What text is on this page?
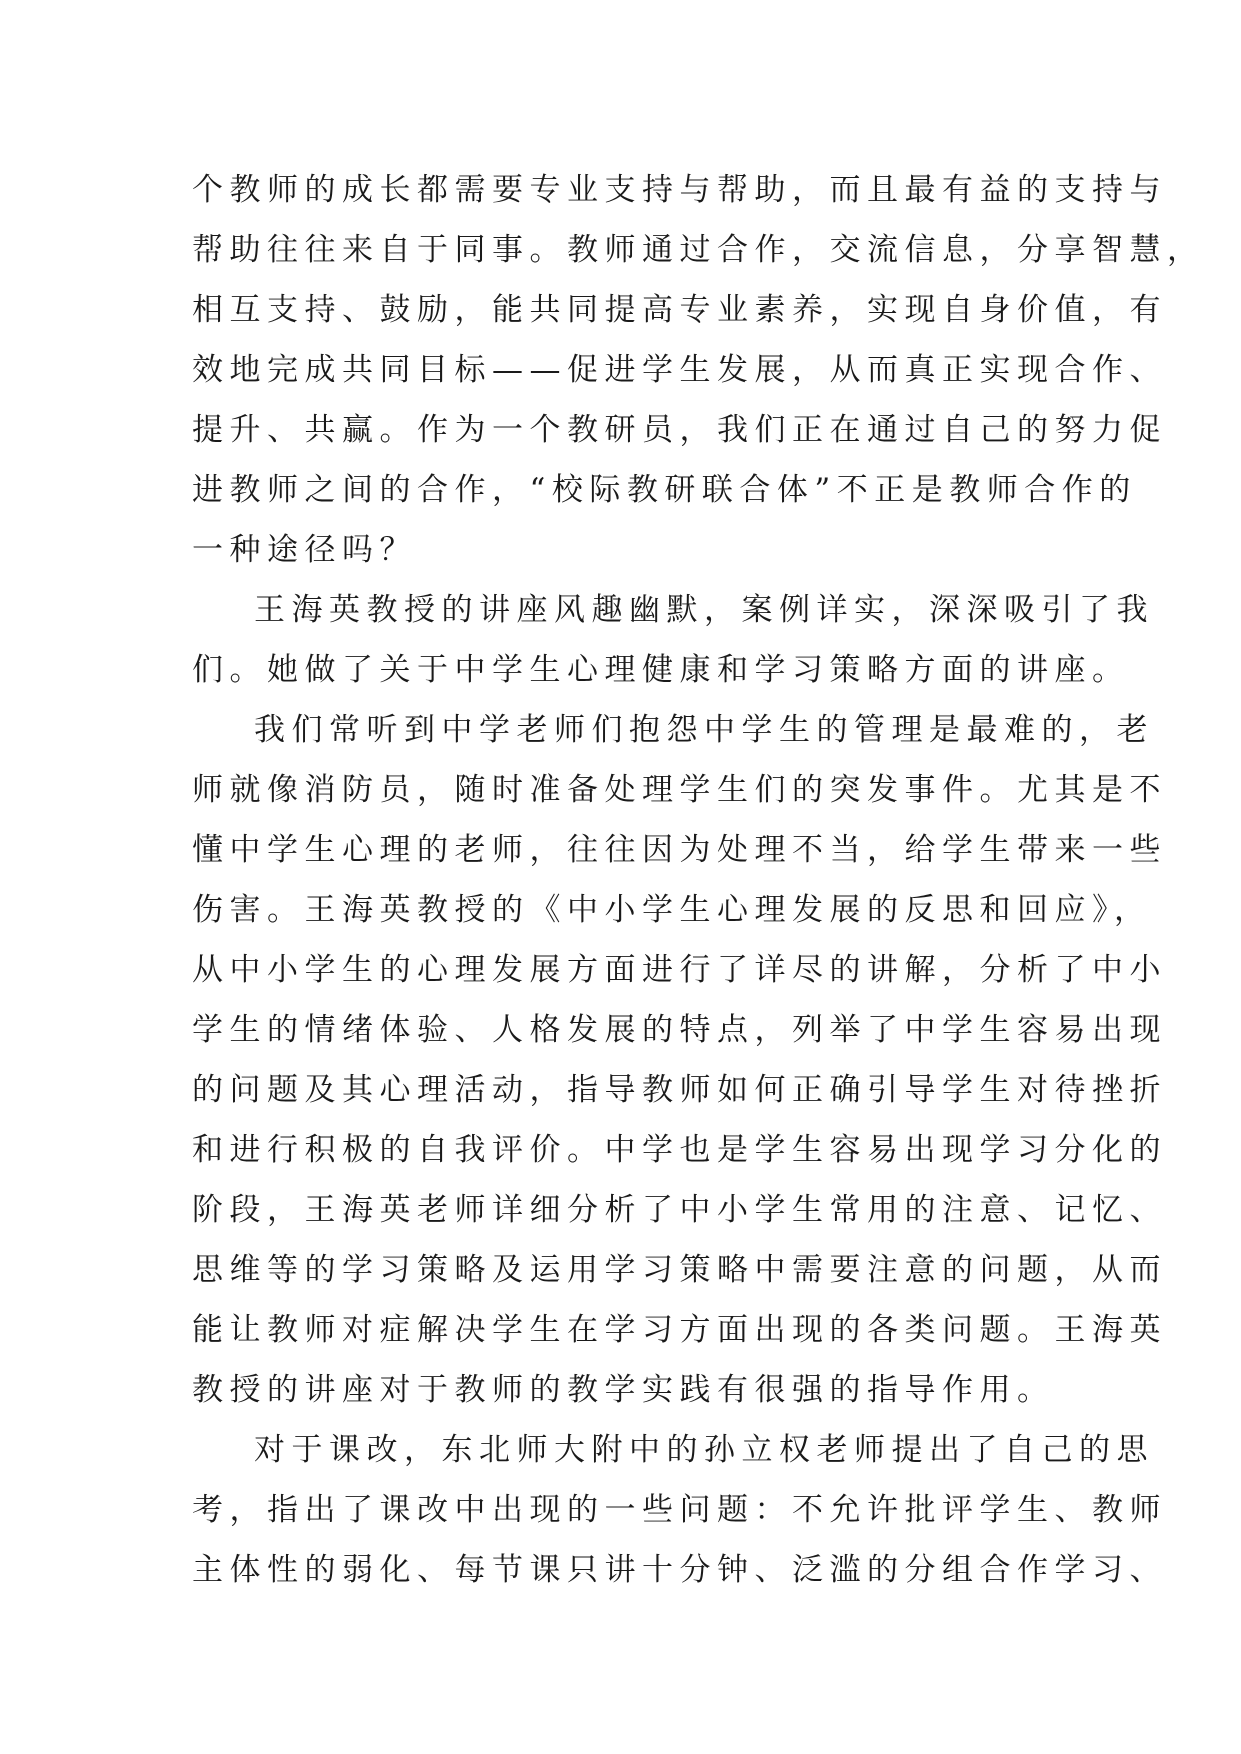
个教师的成长都需要专业支持与帮助，而且最有益的支持与
帮助往往来自于同事。教师通过合作，交流信息，分享智慧，
相互支持、鼓励，能共同提高专业素养，实现自身价值，有
效地完成共同目标——促进学生发展，从而真正实现合作、
提升、共赢。作为一个教研员，我们正在通过自己的努力促
进教师之间的合作，“校际教研联合体”不正是教师合作的
一种途径吗？
王海英教授的讲座风趣幽默，案例详实，深深吸引了我
们。她做了关于中学生心理健康和学习策略方面的讲座。
我们常听到中学老师们抱怨中学生的管理是最难的，老
师就像消防员，随时准备处理学生们的突发事件。尤其是不
懂中学生心理的老师，往往因为处理不当，给学生带来一些
伤害。王海英教授的《中小学生心理发展的反思和回应》，
从中小学生的心理发展方面进行了详尽的讲解，分析了中小
学生的情绪体验、人格发展的特点，列举了中学生容易出现
的问题及其心理活动，指导教师如何正确引导学生对待挫折
和进行积极的自我评价。中学也是学生容易出现学习分化的
阶段，王海英老师详细分析了中小学生常用的注意、记忆、
思维等的学习策略及运用学习策略中需要注意的问题，从而
能让教师对症解决学生在学习方面出现的各类问题。王海英
教授的讲座对于教师的教学实践有很强的指导作用。
对于课改，东北师大附中的孙立权老师提出了自己的思
考，指出了课改中出现的一些问题：不允许批评学生、教师
主体性的弱化、每节课只讲十分钟、泛滥的分组合作学习、
